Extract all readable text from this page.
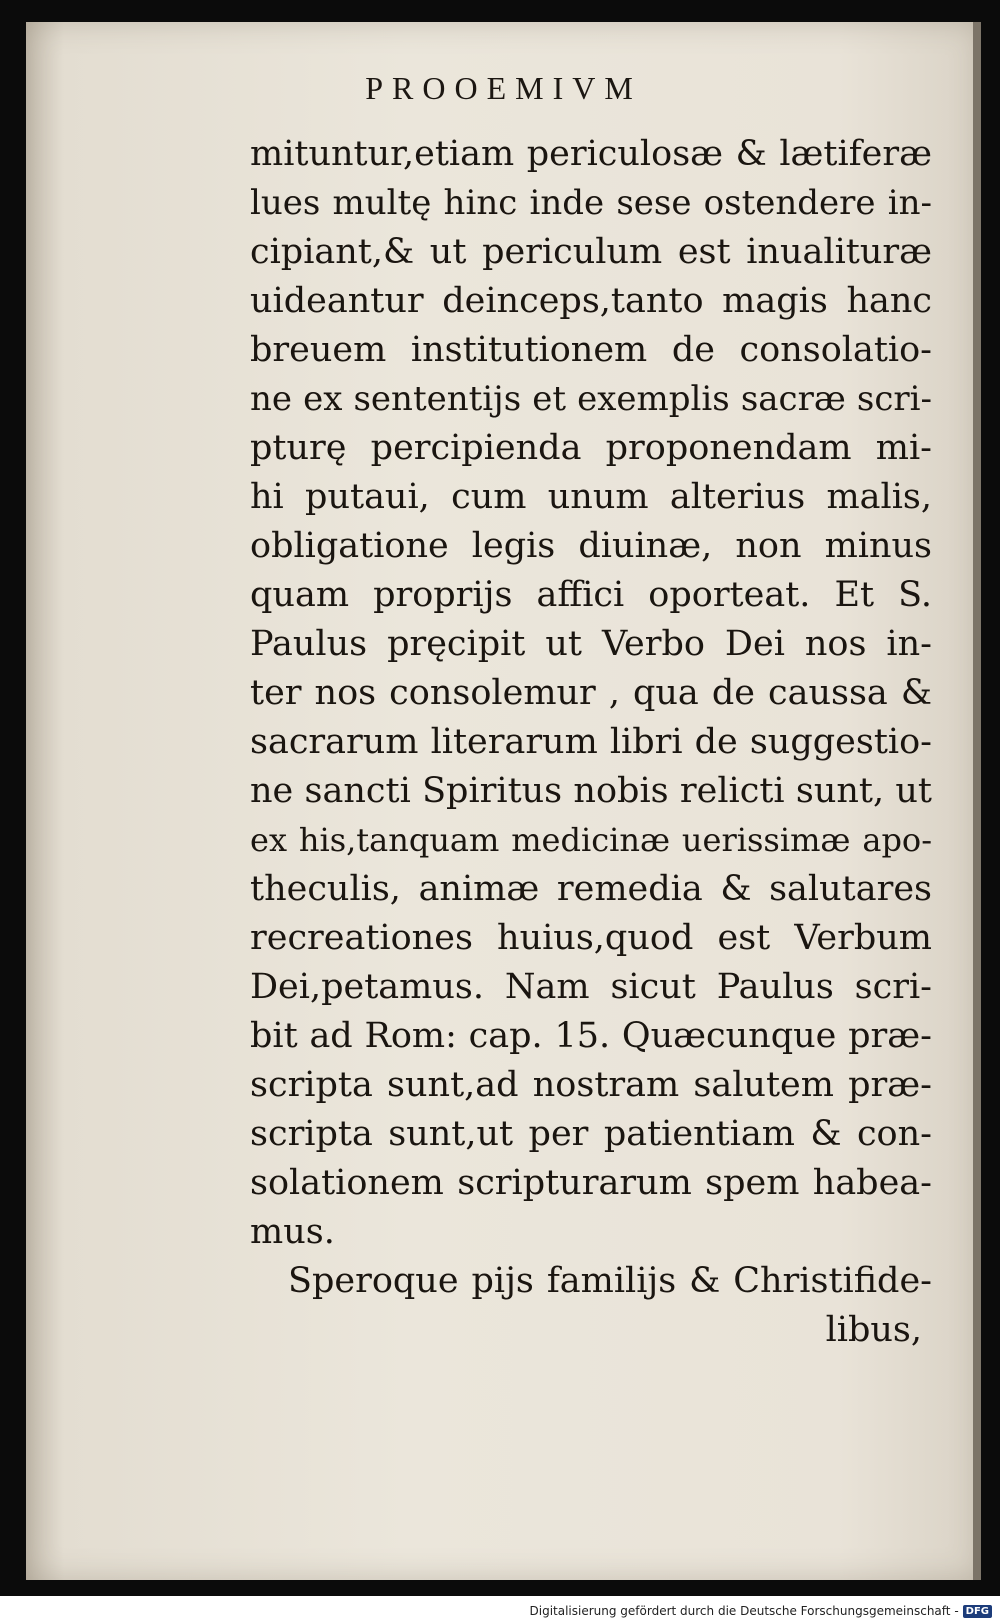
PROOEMIVM
mituntur,etiam periculosæ & lætiferæ
lues multę hinc inde sese ostendere in-
cipiant,& ut periculum est inualituræ
uideantur deinceps,tanto magis hanc
breuem institutionem de consolatio-
ne ex sententijs et exemplis sacræ scri-
pturę percipienda proponendam mi-
hi putaui, cum unum alterius malis,
obligatione legis diuinæ, non minus
quam proprijs affici oporteat. Et S.
Paulus pręcipit ut Verbo Dei nos in-
ter nos consolemur , qua de caussa &
sacrarum literarum libri de suggestio-
ne sancti Spiritus nobis relicti sunt, ut
ex his,tanquam medicinæ uerissimæ apo-
theculis, animæ remedia & salutares
recreationes huius,quod est Verbum
Dei,petamus. Nam sicut Paulus scri-
bit ad Rom: cap. 15. Quæcunque præ-
scripta sunt,ad nostram salutem præ-
scripta sunt,ut per patientiam & con-
solationem scripturarum spem habea-
mus.
Speroque pijs familijs & Christifide-
libus,
Digitalisierung gefördert durch die Deutsche Forschungsgemeinschaft - DFG
